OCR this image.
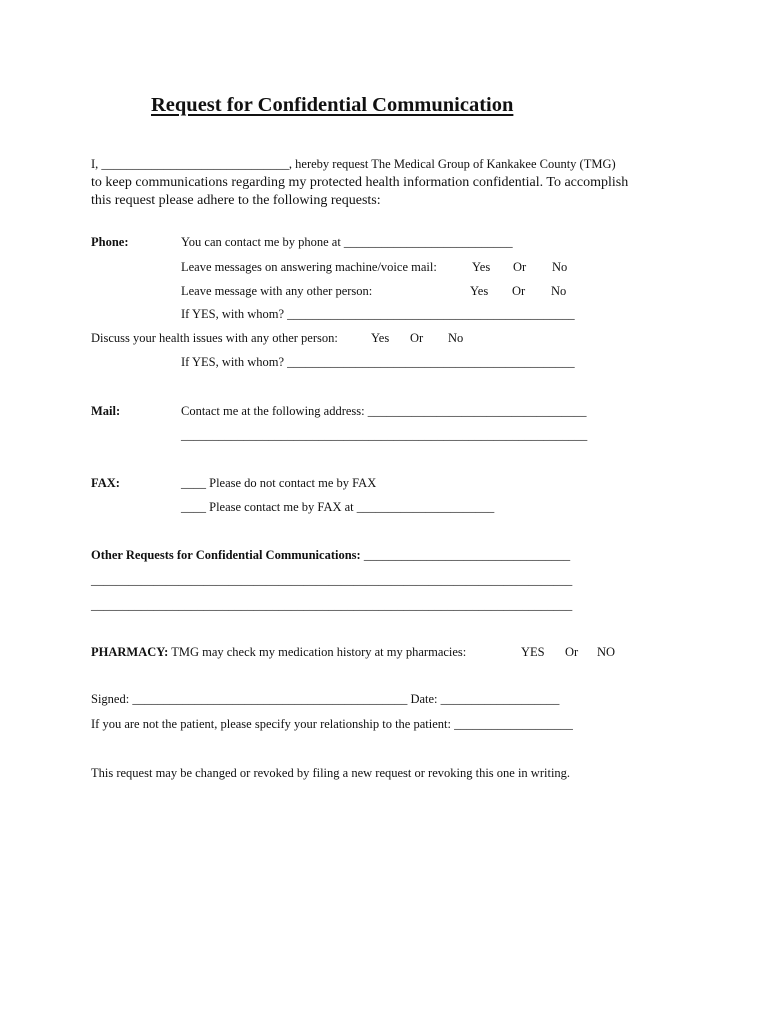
Request for Confidential Communication
I, ______________________________, hereby request The Medical Group of Kankakee County (TMG)
to keep communications regarding my protected health information confidential. To accomplish
this request please adhere to the following requests:
Phone:	You can contact me by phone at ___________________________
Leave messages on answering machine/voice mail:	Yes Or No
Leave message with any other person:	Yes Or No
If YES, with whom? ______________________________________________
Discuss your health issues with any other person:	Yes Or No
If YES, with whom? ______________________________________________
Mail:	Contact me at the following address: ___________________________________
_________________________________________________________________
FAX:	____ Please do not contact me by FAX
____ Please contact me by FAX at ______________________
Other Requests for Confidential Communications: _________________________________
_____________________________________________________________________________
_____________________________________________________________________________
PHARMACY: TMG may check my medication history at my pharmacies:	YES Or NO
Signed: ____________________________________________ Date: ___________________
If you are not the patient, please specify your relationship to the patient: ___________________
This request may be changed or revoked by filing a new request or revoking this one in writing.
